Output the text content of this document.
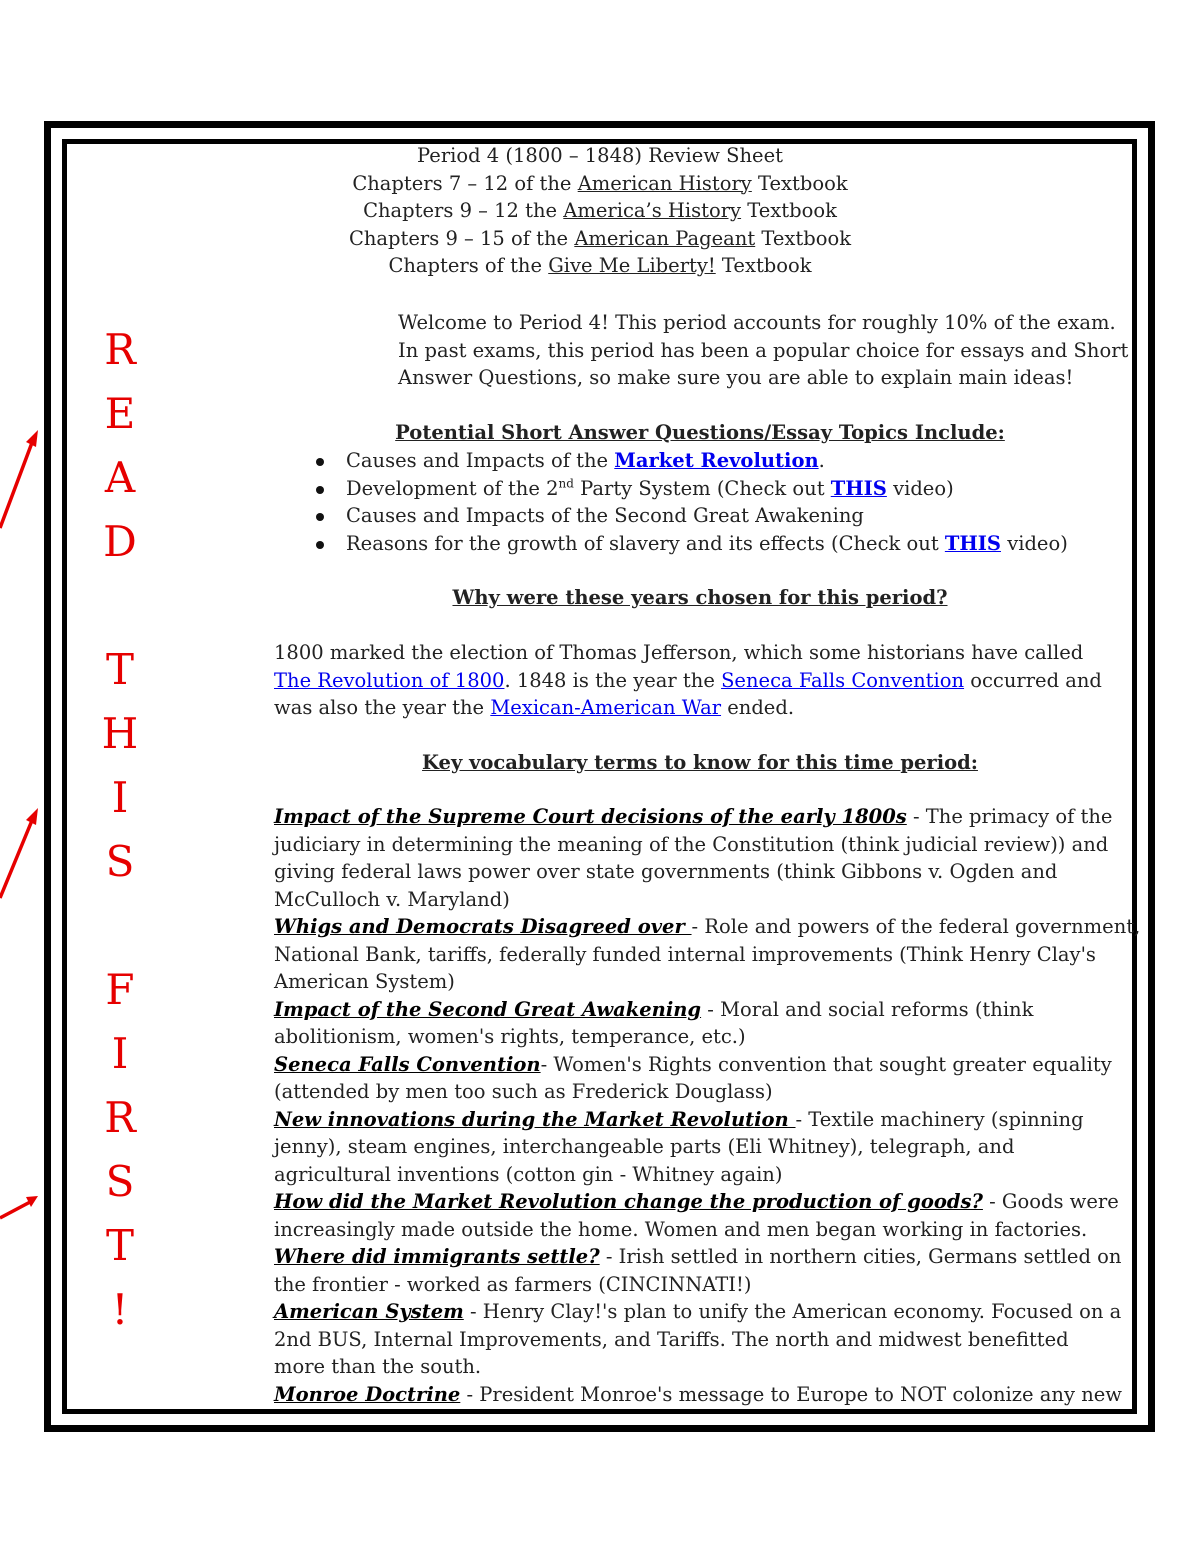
Period 4 (1800 – 1848) Review Sheet
Chapters 7 – 12 of the American History Textbook
Chapters 9 – 12 the America’s History Textbook
Chapters 9 – 15 of the American Pageant Textbook
Chapters of the Give Me Liberty! Textbook
Welcome to Period 4! This period accounts for roughly 10% of the exam.
In past exams, this period has been a popular choice for essays and Short
Answer Questions, so make sure you are able to explain main ideas!
Potential Short Answer Questions/Essay Topics Include:
Causes and Impacts of the Market Revolution.
Development of the 2nd Party System (Check out THIS video)
Causes and Impacts of the Second Great Awakening
Reasons for the growth of slavery and its effects (Check out THIS video)
Why were these years chosen for this period?
1800 marked the election of Thomas Jefferson, which some historians have called
The Revolution of 1800. 1848 is the year the Seneca Falls Convention occurred and
was also the year the Mexican-American War ended.
Key vocabulary terms to know for this time period:
Impact of the Supreme Court decisions of the early 1800s - The primacy of the
judiciary in determining the meaning of the Constitution (think judicial review)) and
giving federal laws power over state governments (think Gibbons v. Ogden and
McCulloch v. Maryland)
Whigs and Democrats Disagreed over - Role and powers of the federal government,
National Bank, tariffs, federally funded internal improvements (Think Henry Clay's
American System)
Impact of the Second Great Awakening - Moral and social reforms (think
abolitionism, women's rights, temperance, etc.)
Seneca Falls Convention- Women's Rights convention that sought greater equality
(attended by men too such as Frederick Douglass)
New innovations during the Market Revolution - Textile machinery (spinning
jenny), steam engines, interchangeable parts (Eli Whitney), telegraph, and
agricultural inventions (cotton gin - Whitney again)
How did the Market Revolution change the production of goods? - Goods were
increasingly made outside the home. Women and men began working in factories.
Where did immigrants settle? - Irish settled in northern cities, Germans settled on
the frontier - worked as farmers (CINCINNATI!)
American System - Henry Clay!'s plan to unify the American economy. Focused on a
2nd BUS, Internal Improvements, and Tariffs. The north and midwest benefitted
more than the south.
Monroe Doctrine - President Monroe's message to Europe to NOT colonize any new
R
E
A
D
T
H
I
S
F
I
R
S
T
!
